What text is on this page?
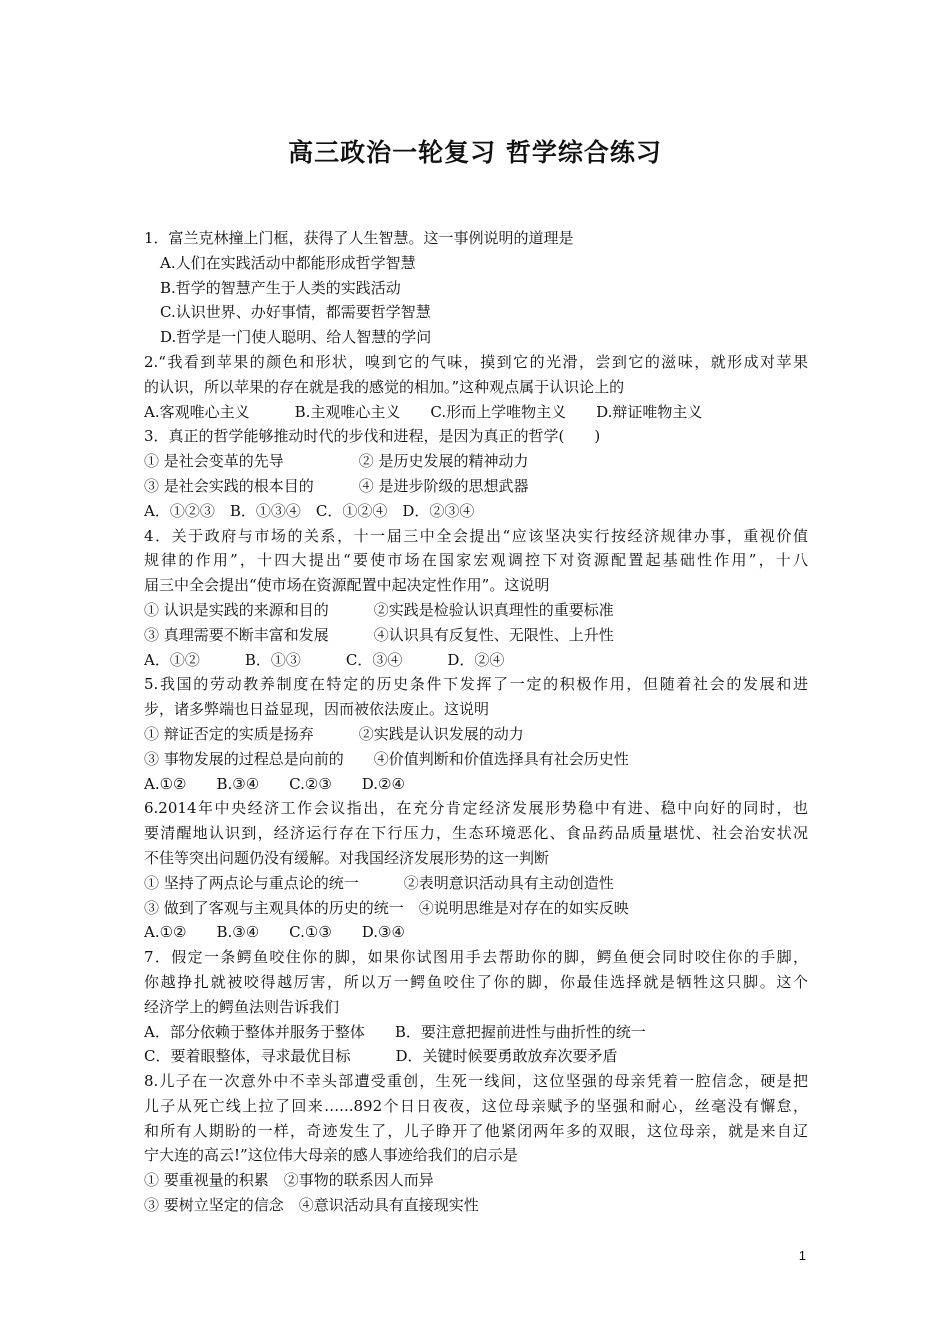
高三政治一轮复习 哲学综合练习
1．富兰克林撞上门框，获得了人生智慧。这一事例说明的道理是
A.人们在实践活动中都能形成哲学智慧
B.哲学的智慧产生于人类的实践活动
C.认识世界、办好事情，都需要哲学智慧
D.哲学是一门使人聪明、给人智慧的学问
2.“我看到苹果的颜色和形状，嗅到它的气味，摸到它的光滑，尝到它的滋味，就形成对苹果
的认识，所以苹果的存在就是我的感觉的相加。”这种观点属于认识论上的
A.客观唯心主义　　　B.主观唯心主义　　C.形而上学唯物主义　　D.辩证唯物主义
3．真正的哲学能够推动时代的步伐和进程，是因为真正的哲学(　　)
① 是社会变革的先导　　　　　② 是历史发展的精神动力
③ 是社会实践的根本目的　　　④ 是进步阶级的思想武器
A．①②③　B．①③④　C．①②④　D．②③④
4．关于政府与市场的关系，十一届三中全会提出“应该坚决实行按经济规律办事，重视价值
规律的作用”，十四大提出“要使市场在国家宏观调控下对资源配置起基础性作用”，十八
届三中全会提出“使市场在资源配置中起决定性作用”。这说明
① 认识是实践的来源和目的　　　②实践是检验认识真理性的重要标准
③ 真理需要不断丰富和发展　　　④认识具有反复性、无限性、上升性
A．①②　　　B．①③　　　C．③④　　　D．②④
5.我国的劳动教养制度在特定的历史条件下发挥了一定的积极作用，但随着社会的发展和进
步，诸多弊端也日益显现，因而被依法废止。这说明
① 辩证否定的实质是扬弃　　　②实践是认识发展的动力
③ 事物发展的过程总是向前的　　④价值判断和价值选择具有社会历史性
A.①②　　B.③④　　C.②③　　D.②④
6.2014年中央经济工作会议指出，在充分肯定经济发展形势稳中有进、稳中向好的同时，也
要清醒地认识到，经济运行存在下行压力，生态环境恶化、食品药品质量堪忧、社会治安状况
不佳等突出问题仍没有缓解。对我国经济发展形势的这一判断
① 坚持了两点论与重点论的统一　　　②表明意识活动具有主动创造性
③ 做到了客观与主观具体的历史的统一　④说明思维是对存在的如实反映
A.①②　　B.③④　　C.①③　　D.③④
7．假定一条鳄鱼咬住你的脚，如果你试图用手去帮助你的脚，鳄鱼便会同时咬住你的手脚，
你越挣扎就被咬得越厉害，所以万一鳄鱼咬住了你的脚，你最佳选择就是牺牲这只脚。这个
经济学上的鳄鱼法则告诉我们
A．部分依赖于整体并服务于整体　　B．要注意把握前进性与曲折性的统一
C．要着眼整体，寻求最优目标　　　D．关键时候要勇敢放弃次要矛盾
8.儿子在一次意外中不幸头部遭受重创，生死一线间，这位坚强的母亲凭着一腔信念，硬是把
儿子从死亡线上拉了回来…...892个日日夜夜，这位母亲赋予的坚强和耐心，丝毫没有懈怠，
和所有人期盼的一样，奇迹发生了，儿子睁开了他紧闭两年多的双眼，这位母亲，就是来自辽
宁大连的高云!”这位伟大母亲的感人事迹给我们的启示是
① 要重视量的积累　②事物的联系因人而异
③ 要树立坚定的信念　④意识活动具有直接现实性
1
